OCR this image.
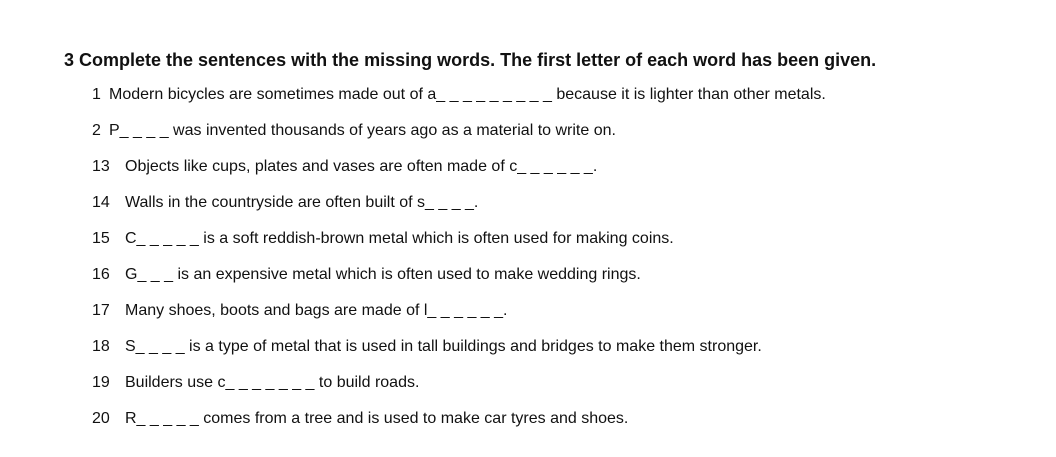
3 Complete the sentences with the missing words. The first letter of each word has been given.
1 Modern bicycles are sometimes made out of a_ _ _ _ _ _ _ _ _ because it is lighter than other metals.
2 P_ _ _ _ was invented thousands of years ago as a material to write on.
13 Objects like cups, plates and vases are often made of c_ _ _ _ _ _.
14 Walls in the countryside are often built of s_ _ _ _.
15 C_ _ _ _ _ is a soft reddish-brown metal which is often used for making coins.
16 G_ _ _ is an expensive metal which is often used to make wedding rings.
17 Many shoes, boots and bags are made of l_ _ _ _ _ _.
18 S_ _ _ _ is a type of metal that is used in tall buildings and bridges to make them stronger.
19 Builders use c_ _ _ _ _ _ _ to build roads.
20 R_ _ _ _ _ comes from a tree and is used to make car tyres and shoes.
